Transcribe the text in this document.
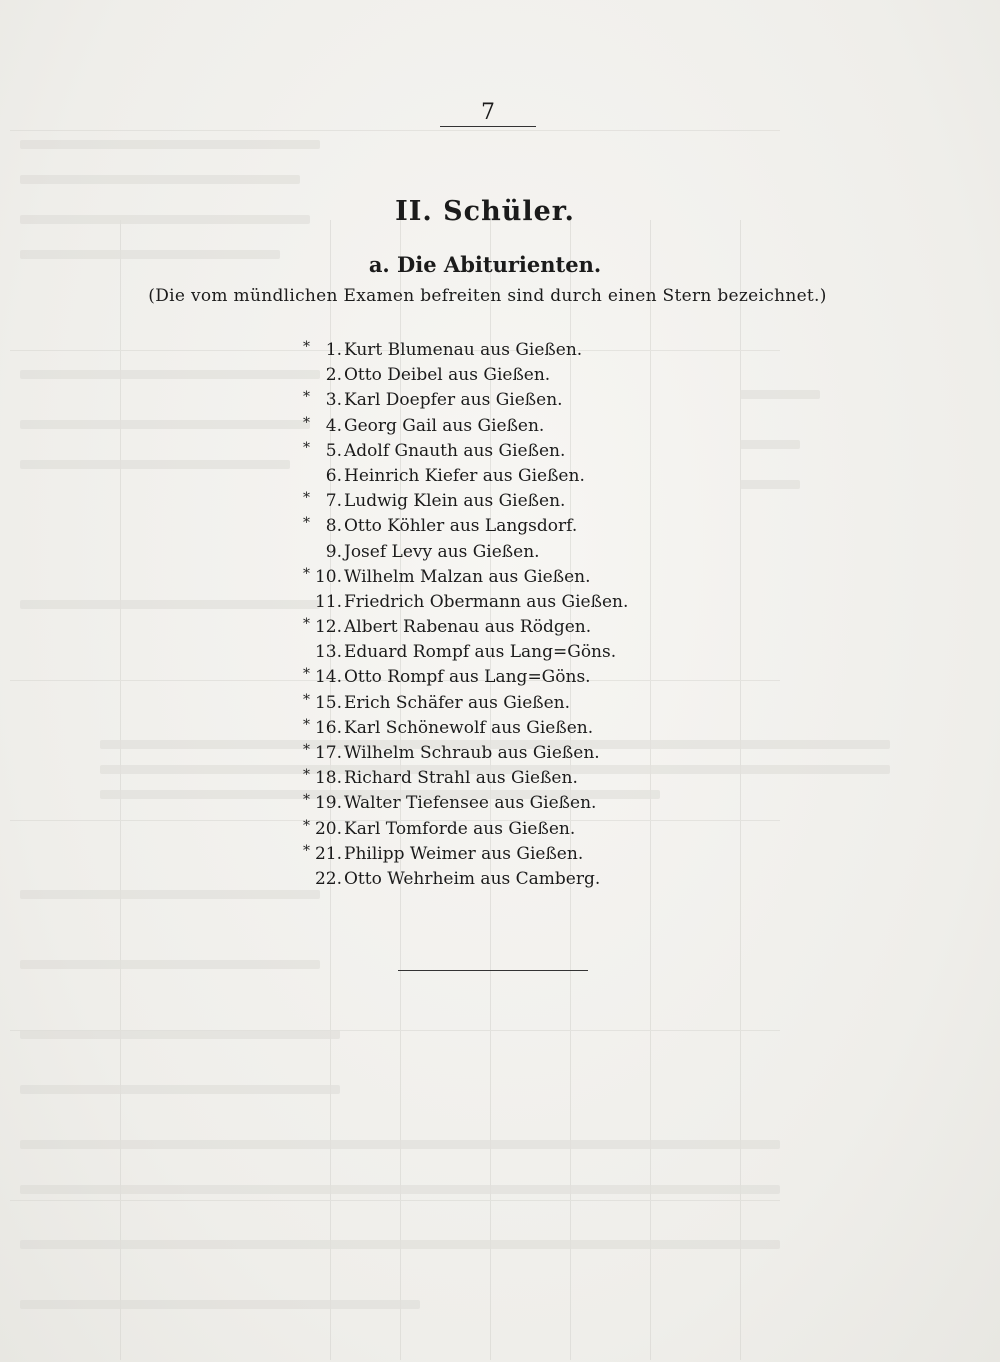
7
II. Schüler.
a. Die Abiturienten.
(Die vom mündlichen Examen befreiten sind durch einen Stern bezeichnet.)
* 1. Kurt Blumenau aus Gießen.
2. Otto Deibel aus Gießen.
* 3. Karl Doepfer aus Gießen.
* 4. Georg Gail aus Gießen.
* 5. Adolf Gnauth aus Gießen.
6. Heinrich Kiefer aus Gießen.
* 7. Ludwig Klein aus Gießen.
* 8. Otto Köhler aus Langsdorf.
9. Josef Levy aus Gießen.
* 10. Wilhelm Malzan aus Gießen.
11. Friedrich Obermann aus Gießen.
* 12. Albert Rabenau aus Rödgen.
13. Eduard Rompf aus Lang=Göns.
* 14. Otto Rompf aus Lang=Göns.
* 15. Erich Schäfer aus Gießen.
* 16. Karl Schönewolf aus Gießen.
* 17. Wilhelm Schraub aus Gießen.
* 18. Richard Strahl aus Gießen.
* 19. Walter Tiefensee aus Gießen.
* 20. Karl Tomforde aus Gießen.
* 21. Philipp Weimer aus Gießen.
22. Otto Wehrheim aus Camberg.
